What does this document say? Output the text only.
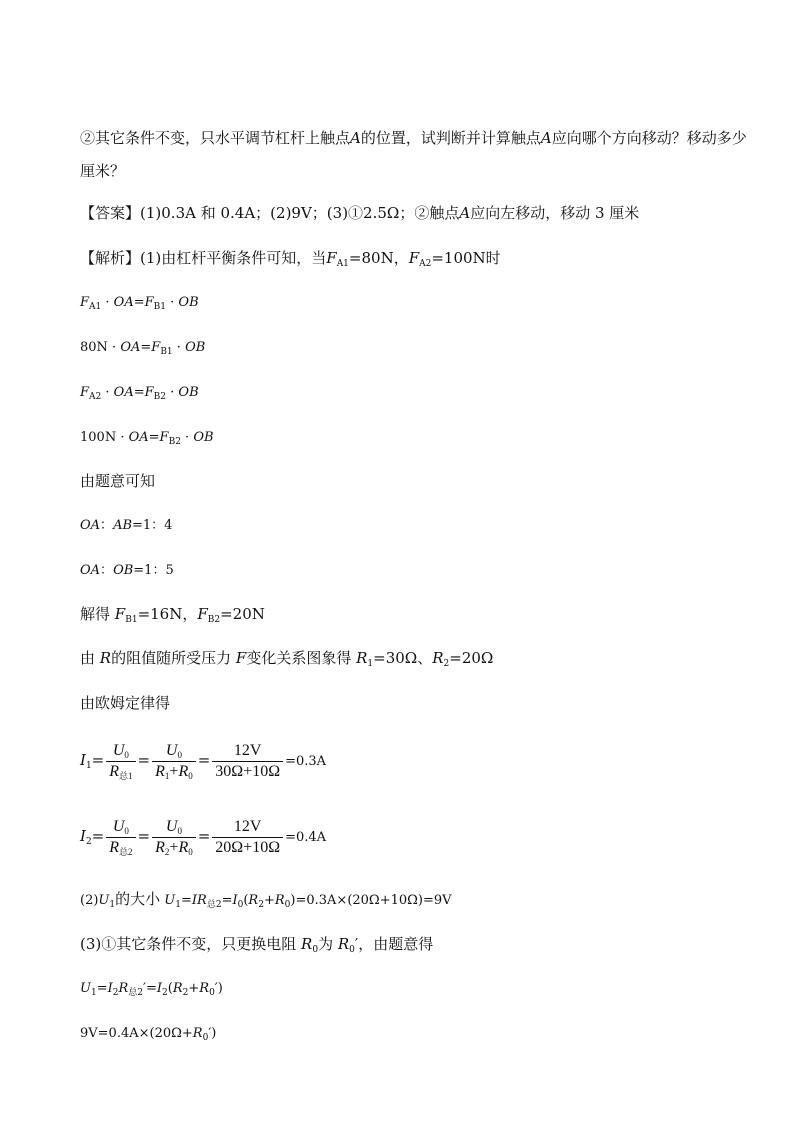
②其它条件不变，只水平调节杠杆上触点A的位置，试判断并计算触点A应向哪个方向移动？移动多少
厘米？
【答案】(1)0.3A 和 0.4A；(2)9V；(3)①2.5Ω；②触点A应向左移动，移动 3 厘米
【解析】(1)由杠杆平衡条件可知，当$F_{A1}=80N$，$F_{A2}=100N$时
$F_{A1} \cdot OA=F_{B1}$ · OB
$80N \cdot OA=F_{B1}$ · OB
$F_{A2} \cdot OA=F_{B2}$ · OB
$100N \cdot OA=F_{B2}$ · OB
由题意可知
OA：AB=1：4
OA：OB=1：5
解得 $F_{B1}=16N$，$F_{B2}=20N$
由 R的阻值随所受压力 F变化关系图象得 $R_1=30\Omega$、$R_2=20\Omega$
由欧姆定律得
$I_1= \frac{U_0}{R_{总1}} = \frac{U_0}{R_1+R_0} = \frac{12V}{30\Omega+10\Omega} =0.3A$
$I_2= \frac{U_0}{R_{总2}} = \frac{U_0}{R_2+R_0} = \frac{12V}{20\Omega+10\Omega} =0.4A$
$(2)U_1$的大小 $U_1=IR_{总2}=I_0(R_2+R_0)=0.3A\times(20\Omega+10\Omega)=9V$
(3)①其它条件不变，只更换电阻 $R_0$为 $R_0'$，由题意得
$U_1=I_2R_{总2}'=I_2(R_2+R_0')$
$9V=0.4A\times(20\Omega+R_0')$
